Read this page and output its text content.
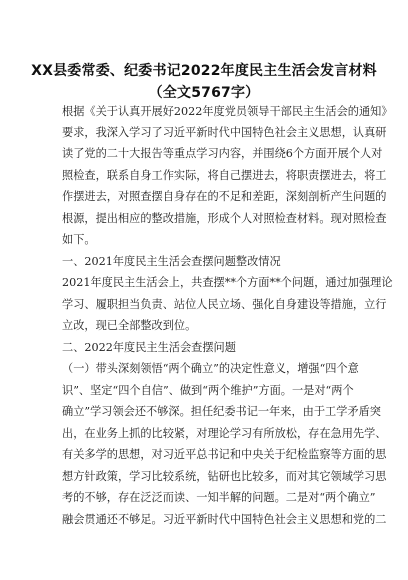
XX县委常委、纪委书记2022年度民主生活会发言材料
（全文5767字）
根据《关于认真开展好2022年度党员领导干部民主生活会的通知》
要求，我深入学习了习近平新时代中国特色社会主义思想，认真研
读了党的二十大报告等重点学习内容，并围绕6个方面开展个人对
照检查，联系自身工作实际，将自己摆进去，将职责摆进去，将工
作摆进去，对照查摆自身存在的不足和差距，深刻剖析产生问题的
根源，提出相应的整改措施，形成个人对照检查材料。现对照检查
如下。
一、2021年度民主生活会查摆问题整改情况
2021年度民主生活会上，共查摆**个方面**个问题，通过加强理论
学习、履职担当负责、站位人民立场、强化自身建设等措施，立行
立改，现已全部整改到位。
二、2022年度民主生活会查摆问题
（一）带头深刻领悟“两个确立”的决定性意义，增强“四个意
识”、坚定“四个自信”、做到“两个维护”方面。一是对“两个
确立”学习领会还不够深。担任纪委书记一年来，由于工学矛盾突
出，在业务上抓的比较紧，对理论学习有所放松，存在急用先学、
有关多学的思想，对习近平总书记和中央关于纪检监察等方面的思
想方针政策，学习比较系统，钻研也比较多，而对其它领域学习思
考的不够，存在泛泛而读、一知半解的问题。二是对“两个确立”
融会贯通还不够足。习近平新时代中国特色社会主义思想和党的二
